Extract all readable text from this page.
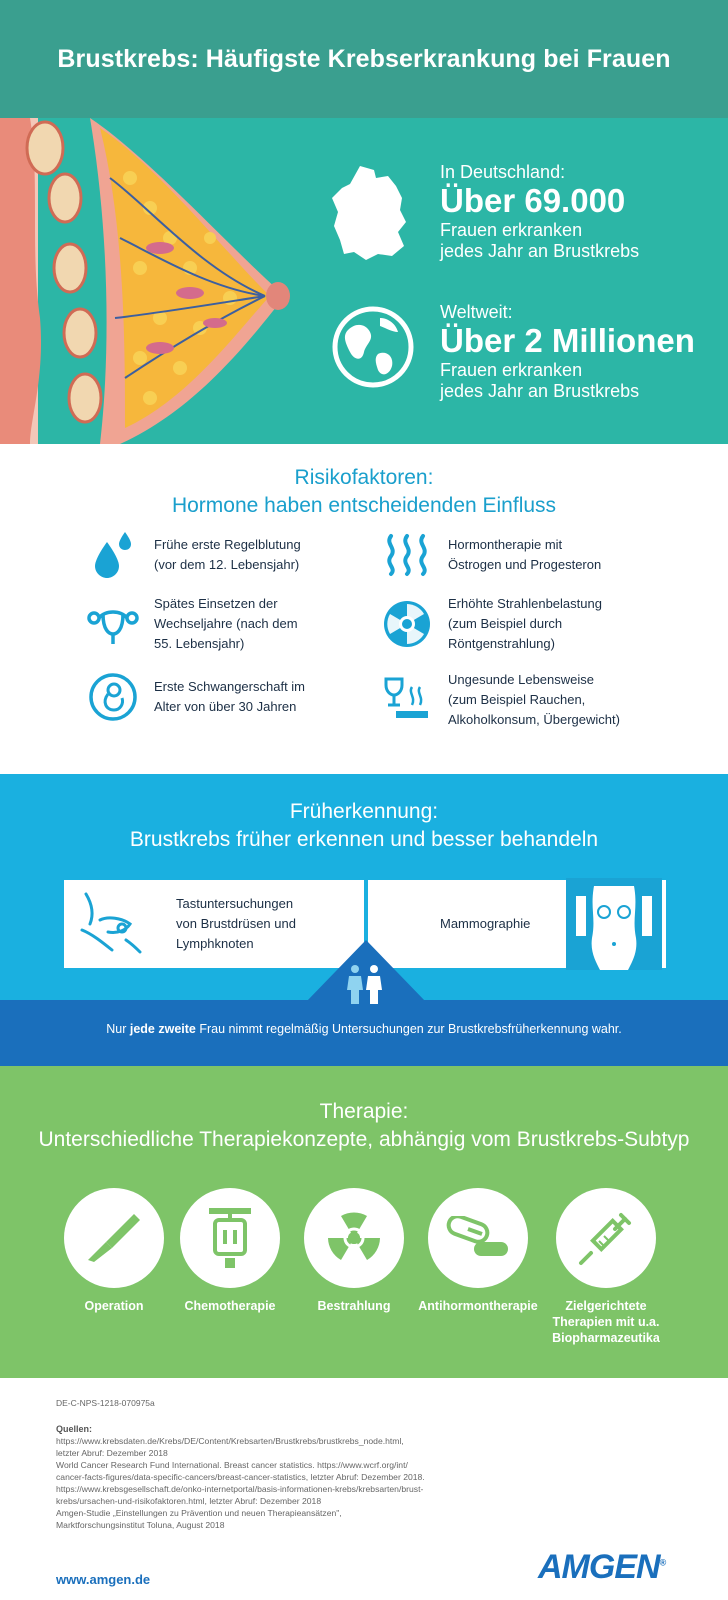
Brustkrebs: Häufigste Krebserkrankung bei Frauen
In Deutschland:
Über 69.000
Frauen erkranken
jedes Jahr an Brustkrebs
Weltweit:
Über 2 Millionen
Frauen erkranken
jedes Jahr an Brustkrebs
Risikofaktoren:
Hormone haben entscheidenden Einfluss
Frühe erste Regelblutung
(vor dem 12. Lebensjahr)
Hormontherapie mit
Östrogen und Progesteron
Spätes Einsetzen der
Wechseljahre (nach dem
55. Lebensjahr)
Erhöhte Strahlenbelastung
(zum Beispiel durch
Röntgenstrahlung)
Erste Schwangerschaft im
Alter von über 30 Jahren
Ungesunde Lebensweise
(zum Beispiel Rauchen,
Alkoholkonsum, Übergewicht)
Früherkennung:
Brustkrebs früher erkennen und besser behandeln
Tastuntersuchungen
von Brustdrüsen und
Lymphknoten
Mammographie
Nur jede zweite Frau nimmt regelmäßig Untersuchungen zur Brustkrebsfrüherkennung wahr.
Therapie:
Unterschiedliche Therapiekonzepte, abhängig vom Brustkrebs-Subtyp
Operation	Chemotherapie	Bestrahlung	Antihormontherapie	Zielgerichtete
Therapien mit u.a.
Biopharmazeutika
DE-C-NPS-1218-070975a
Quellen:
https://www.krebsdaten.de/Krebs/DE/Content/Krebsarten/Brustkrebs/brustkrebs_node.html,
letzter Abruf: Dezember 2018
World Cancer Research Fund International. Breast cancer statistics. https://www.wcrf.org/int/
cancer-facts-figures/data-specific-cancers/breast-cancer-statistics, letzter Abruf: Dezember 2018.
https://www.krebsgesellschaft.de/onko-internetportal/basis-informationen-krebs/krebsarten/brust-
krebs/ursachen-und-risikofaktoren.html, letzter Abruf: Dezember 2018
Amgen-Studie „Einstellungen zu Prävention und neuen Therapieansätzen",
Marktforschungsinstitut Toluna, August 2018
www.amgen.de	AMGEN®
